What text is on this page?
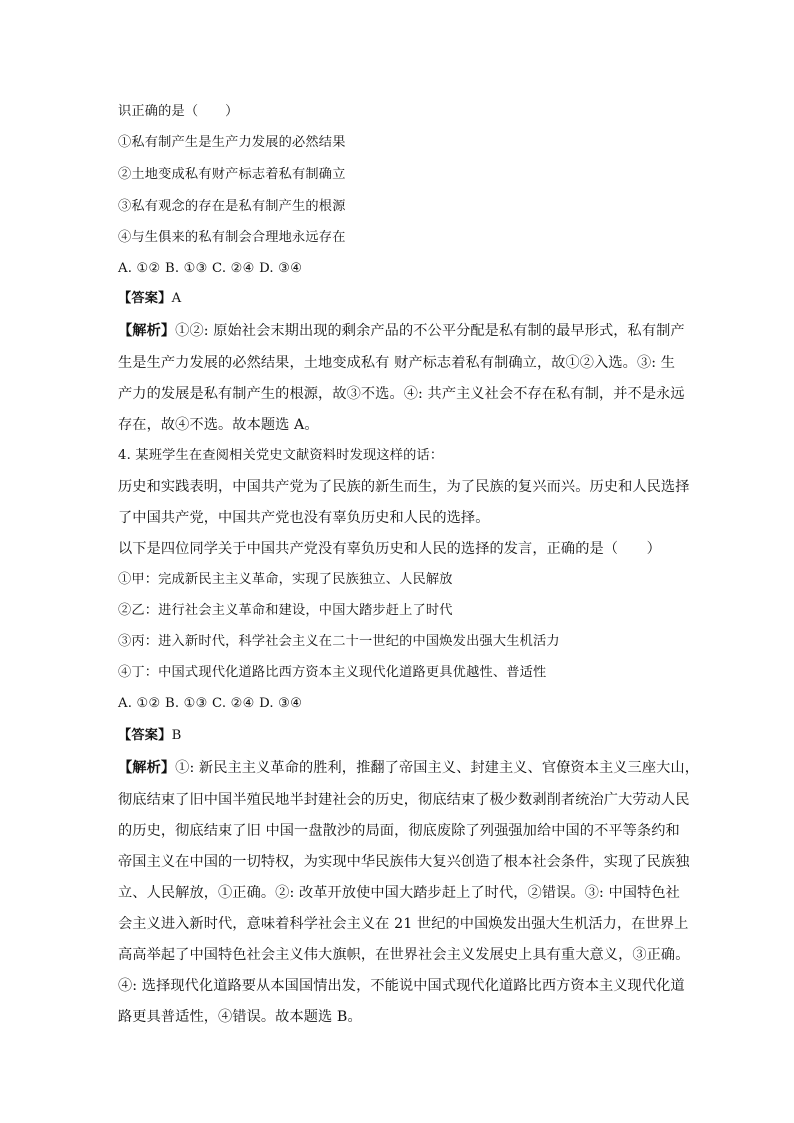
识正确的是（　　）
①私有制产生是生产力发展的必然结果
②土地变成私有财产标志着私有制确立
③私有观念的存在是私有制产生的根源
④与生俱来的私有制会合理地永远存在
A. ①② B. ①③ C. ②④ D. ③④
【答案】A
【解析】①②: 原始社会末期出现的剩余产品的不公平分配是私有制的最早形式，私有制产
生是生产力发展的必然结果，土地变成私有 财产标志着私有制确立，故①②入选。③: 生
产力的发展是私有制产生的根源，故③不选。④: 共产主义社会不存在私有制，并不是永远
存在，故④不选。故本题选 A。
4. 某班学生在查阅相关党史文献资料时发现这样的话：
历史和实践表明，中国共产党为了民族的新生而生，为了民族的复兴而兴。历史和人民选择
了中国共产党，中国共产党也没有辜负历史和人民的选择。
以下是四位同学关于中国共产党没有辜负历史和人民的选择的发言，正确的是（　　）
①甲：完成新民主主义革命，实现了民族独立、人民解放
②乙：进行社会主义革命和建设，中国大踏步赶上了时代
③丙：进入新时代，科学社会主义在二十一世纪的中国焕发出强大生机活力
④丁：中国式现代化道路比西方资本主义现代化道路更具优越性、普适性
A. ①② B. ①③ C. ②④ D. ③④
【答案】B
【解析】①: 新民主主义革命的胜利，推翻了帝国主义、封建主义、官僚资本主义三座大山，
彻底结束了旧中国半殖民地半封建社会的历史，彻底结束了极少数剥削者统治广大劳动人民
的历史，彻底结束了旧 中国一盘散沙的局面，彻底废除了列强强加给中国的不平等条约和
帝国主义在中国的一切特权，为实现中华民族伟大复兴创造了根本社会条件，实现了民族独
立、人民解放，①正确。②: 改革开放使中国大踏步赶上了时代，②错误。③: 中国特色社
会主义进入新时代，意味着科学社会主义在 21 世纪的中国焕发出强大生机活力，在世界上
高高举起了中国特色社会主义伟大旗帜，在世界社会主义发展史上具有重大意义，③正确。
④: 选择现代化道路要从本国国情出发，不能说中国式现代化道路比西方资本主义现代化道
路更具普适性，④错误。故本题选 B。
